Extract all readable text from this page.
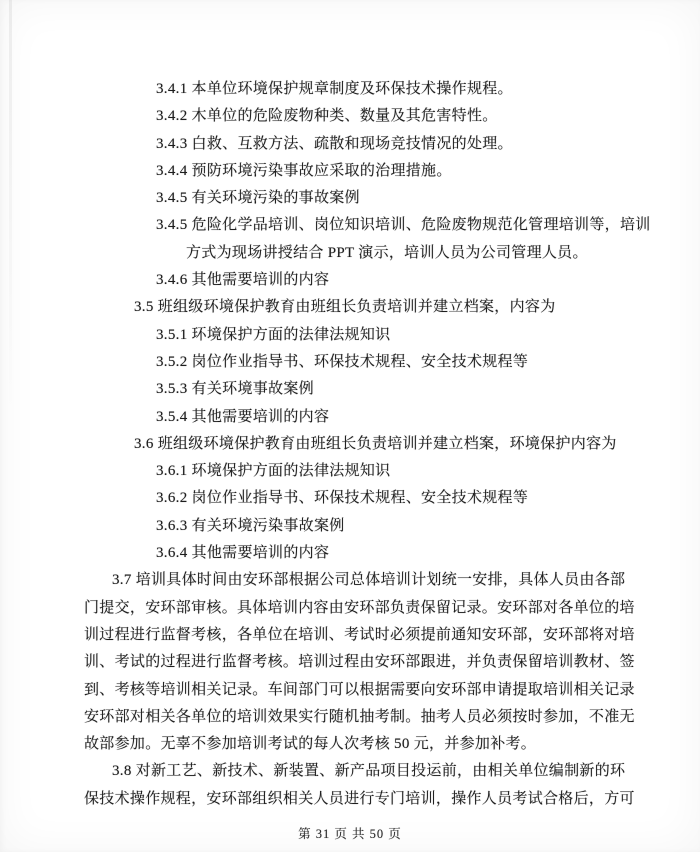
3.4.1 本单位环境保护规章制度及环保技术操作规程。
3.4.2 木单位的危险废物种类、数量及其危害特性。
3.4.3 白救、互救方法、疏散和现场竞技情况的处理。
3.4.4 预防环境污染事故应采取的治理措施。
3.4.5 有关环境污染的事故案例
3.4.5 危险化学品培训、岗位知识培训、危险废物规范化管理培训等，培训
方式为现场讲授结合 PPT 演示，培训人员为公司管理人员。
3.4.6 其他需要培训的内容
3.5 班组级环境保护教育由班组长负责培训并建立档案，内容为
3.5.1 环境保护方面的法律法规知识
3.5.2 岗位作业指导书、环保技术规程、安全技术规程等
3.5.3 有关环境事故案例
3.5.4 其他需要培训的内容
3.6 班组级环境保护教育由班组长负责培训并建立档案，环境保护内容为
3.6.1 环境保护方面的法律法规知识
3.6.2 岗位作业指导书、环保技术规程、安全技术规程等
3.6.3 有关环境污染事故案例
3.6.4 其他需要培训的内容
3.7 培训具体时间由安环部根据公司总体培训计划统一安排，具体人员由各部
门提交，安环部审核。具体培训内容由安环部负责保留记录。安环部对各单位的培
训过程进行监督考核，各单位在培训、考试时必须提前通知安环部，安环部将对培
训、考试的过程进行监督考核。培训过程由安环部跟进，并负责保留培训教材、签
到、考核等培训相关记录。车间部门可以根据需要向安环部申请提取培训相关记录
安环部对相关各单位的培训效果实行随机抽考制。抽考人员必须按时参加，不准无
故部参加。无辜不参加培训考试的每人次考核 50 元，并参加补考。
3.8 对新工艺、新技术、新装置、新产品项目投运前，由相关单位编制新的环
保技术操作规程，安环部组织相关人员进行专门培训，操作人员考试合格后，方可
第 31 页 共 50 页
